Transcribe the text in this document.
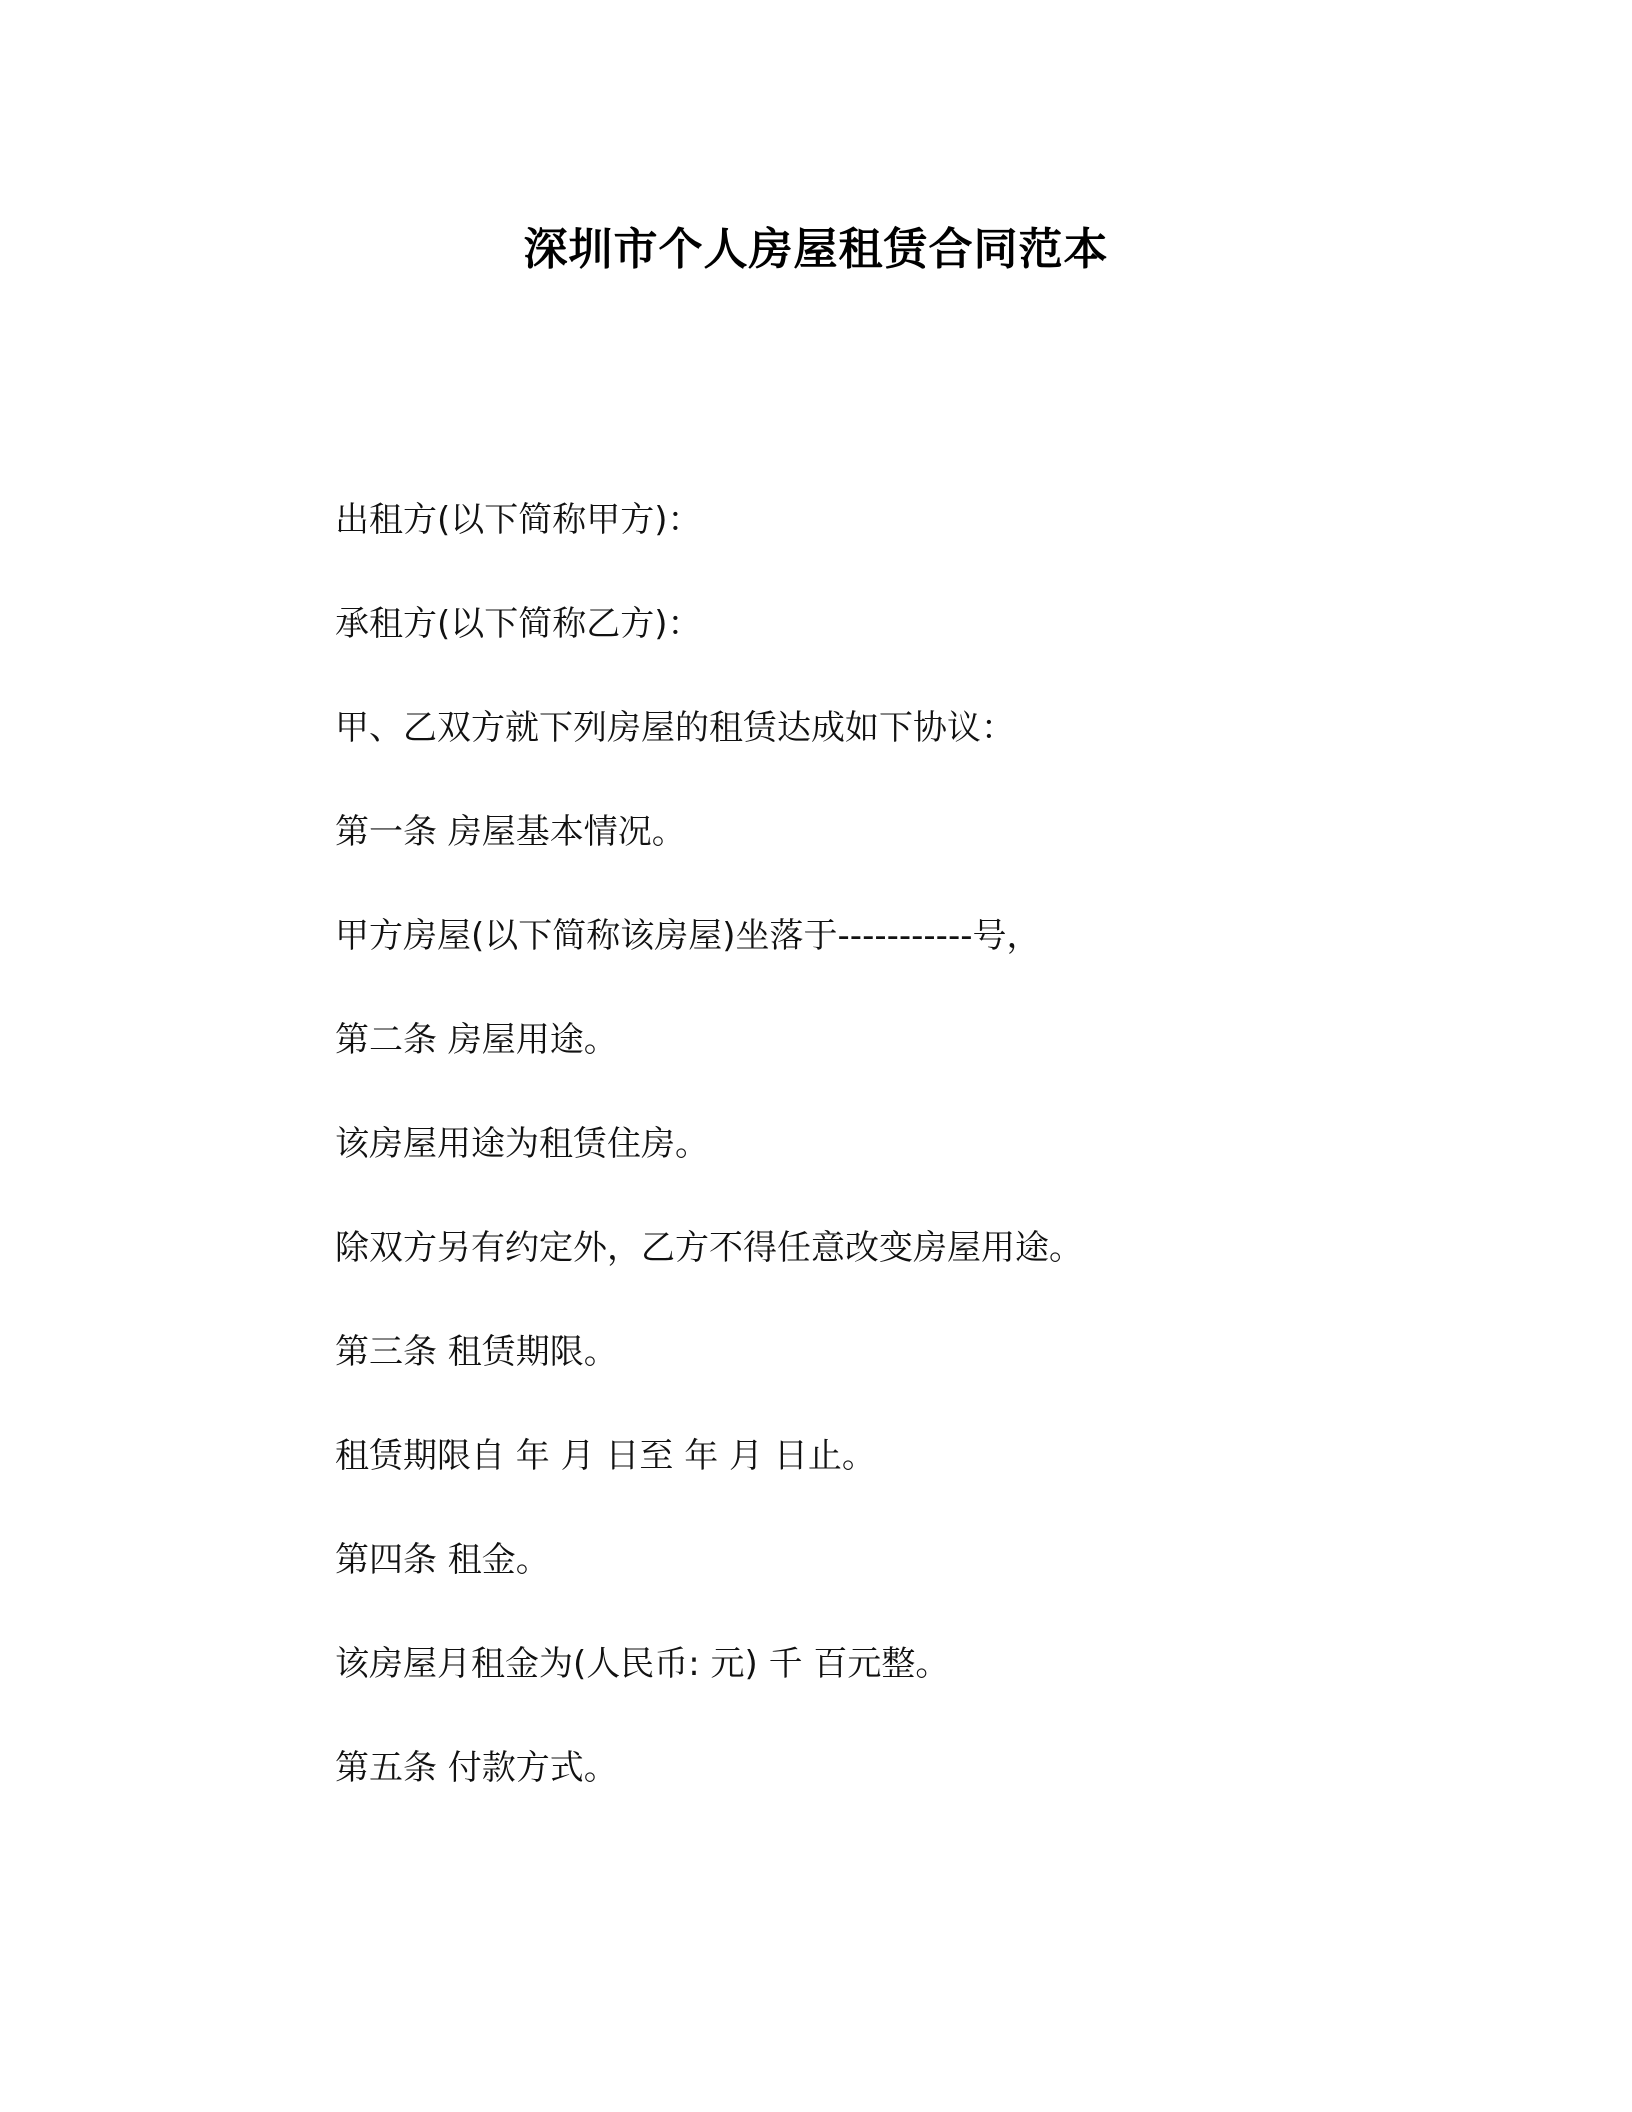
深圳市个人房屋租赁合同范本
出租方(以下简称甲方)：
承租方(以下简称乙方)：
甲、乙双方就下列房屋的租赁达成如下协议：
第一条 房屋基本情况。
甲方房屋(以下简称该房屋)坐落于-----------号，
第二条 房屋用途。
该房屋用途为租赁住房。
除双方另有约定外，乙方不得任意改变房屋用途。
第三条 租赁期限。
租赁期限自 年 月 日至 年 月 日止。
第四条 租金。
该房屋月租金为(人民币: 元) 千 百元整。
第五条 付款方式。
